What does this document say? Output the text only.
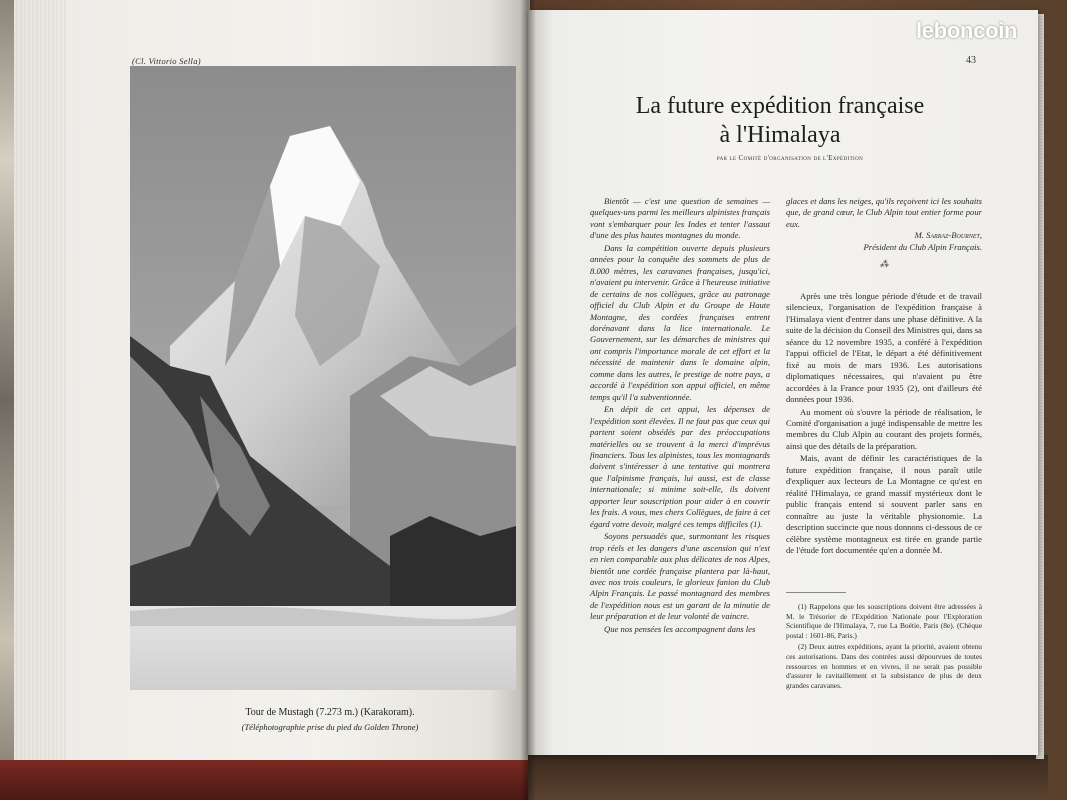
(Cl. Vittorio Sella)
Tour de Mustagh (7.273 m.) (Karakoram).
(Téléphotographie prise du pied du Golden Throne)
leboncoin
43
La future expédition française
à l'Himalaya
par le Comité d'organisation de l'Expédition

Bientôt — c'est une question de semaines — quelques-uns parmi les meilleurs alpinistes français vont s'embarquer pour les Indes et tenter l'assaut d'une des plus hautes montagnes du monde.

Dans la compétition ouverte depuis plusieurs années pour la conquête des sommets de plus de 8.000 mètres, les caravanes françaises, jusqu'ici, n'avaient pu intervenir. Grâce à l'heureuse initiative de certains de nos collègues, grâce au patronage officiel du Club Alpin et du Groupe de Haute Montagne, des cordées françaises entrent dorénavant dans la lice internationale. Le Gouvernement, sur les démarches de ministres qui ont compris l'importance morale de cet effort et la nécessité de maintenir dans le domaine alpin, comme dans les autres, le prestige de notre pays, a accordé à l'expédition son appui officiel, en même temps qu'il l'a subventionnée.

En dépit de cet appui, les dépenses de l'expédition sont élevées. Il ne faut pas que ceux qui partent soient obsédés par des préoccupations matérielles ou se trouvent à la merci d'imprévus financiers. Tous les alpinistes, tous les montagnards doivent s'intéresser à une tentative qui montrera que l'alpinisme français, lui aussi, est de classe internationale; si minime soit-elle, ils doivent apporter leur souscription pour aider à en couvrir les frais. A vous, mes chers Collègues, de faire à cet égard votre devoir, malgré ces temps difficiles (1).

Soyons persuadés que, surmontant les risques trop réels et les dangers d'une ascension qui n'est en rien comparable aux plus délicates de nos Alpes, bientôt une cordée française plantera par là-haut, avec nos trois couleurs, le glorieux fanion du Club Alpin Français. Le passé montagnard des membres de l'expédition nous est un garant de la minutie de leur préparation et de leur volonté de vaincre.

Que nos pensées les accompagnent dans les

glaces et dans les neiges, qu'ils reçoivent ici les souhaits que, de grand cœur, le Club Alpin tout entier forme pour eux.

M. Sarraz-Bournet,
Président du Club Alpin Français.
⁂

Après une très longue période d'étude et de travail silencieux, l'organisation de l'expédition française à l'Himalaya vient d'entrer dans une phase définitive. A la suite de la décision du Conseil des Ministres qui, dans sa séance du 12 novembre 1935, a conféré à l'expédition l'appui officiel de l'Etat, le départ a été définitivement fixé au mois de mars 1936. Les autorisations diplomatiques nécessaires, qui n'avaient pu être accordées à la France pour 1935 (2), ont d'ailleurs été données pour 1936.

Au moment où s'ouvre la période de réalisation, le Comité d'organisation a jugé indispensable de mettre les membres du Club Alpin au courant des projets formés, ainsi que des détails de la préparation.

Mais, avant de définir les caractéristiques de la future expédition française, il nous paraît utile d'expliquer aux lecteurs de La Montagne ce qu'est en réalité l'Himalaya, ce grand massif mystérieux dont le public français entend si souvent parler sans en connaître au juste la véritable physionomie. La description succincte que nous donnons ci-dessous de ce célèbre système montagneux est tirée en grande partie de l'étude fort documentée qu'en a donnée M.

(1) Rappelons que les souscriptions doivent être adressées à M. le Trésorier de l'Expédition Nationale pour l'Exploration Scientifique de l'Himalaya, 7, rue La Boétie, Paris (8e). (Chèque postal : 1601-86, Paris.)

(2) Deux autres expéditions, ayant la priorité, avaient obtenu ces autorisations. Dans des contrées aussi dépourvues de toutes ressources en hommes et en vivres, il ne serait pas possible d'assurer le ravitaillement et la subsistance de plus de deux grandes caravanes.
